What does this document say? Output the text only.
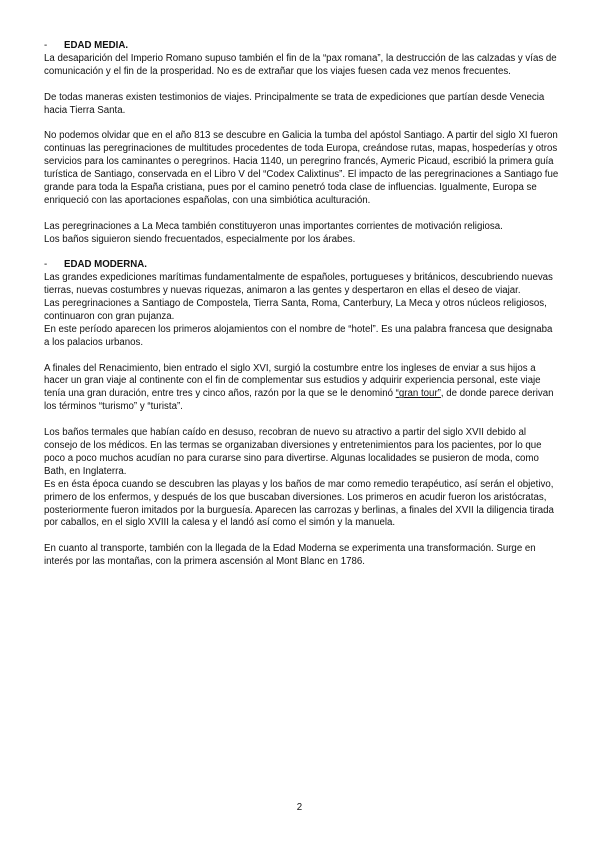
- EDAD MEDIA.

La desaparición del Imperio Romano supuso también el fin de la “pax romana”, la destrucción de las calzadas y vías de comunicación y el fin de la prosperidad. No es de extrañar que los viajes fuesen cada vez menos frecuentes.

De todas maneras existen testimonios de viajes. Principalmente se trata de expediciones que partían desde Venecia hacia Tierra Santa.

No podemos olvidar que en el año 813 se descubre en Galicia la tumba del apóstol Santiago. A partir del siglo XI fueron continuas las peregrinaciones de multitudes procedentes de toda Europa, creándose rutas, mapas, hospederías y otros servicios para los caminantes o peregrinos. Hacia 1140, un peregrino francés, Aymeric Picaud, escribió la primera guía turística de Santiago, conservada en el Libro V del “Codex Calixtinus”. El impacto de las peregrinaciones a Santiago fue grande para toda la España cristiana, pues por el camino penetró toda clase de influencias. Igualmente, Europa se enriqueció con las aportaciones españolas, con una simbiótica aculturación.

Las peregrinaciones a La Meca también constituyeron unas importantes corrientes de motivación religiosa.

Los baños siguieron siendo frecuentados, especialmente por los árabes.

- EDAD MODERNA.

Las grandes expediciones marítimas fundamentalmente de españoles, portugueses y británicos, descubriendo nuevas tierras, nuevas costumbres y nuevas riquezas, animaron a las gentes y despertaron en ellas el deseo de viajar.

Las peregrinaciones a Santiago de Compostela, Tierra Santa, Roma, Canterbury, La Meca y otros núcleos religiosos, continuaron con gran pujanza.

En este período aparecen los primeros alojamientos con el nombre de “hotel”. Es una palabra francesa que designaba a los palacios urbanos.

A finales del Renacimiento, bien entrado el siglo XVI, surgió la costumbre entre los ingleses de enviar a sus hijos a hacer un gran viaje al continente con el fin de complementar sus estudios y adquirir experiencia personal, este viaje tenía una gran duración, entre tres y cinco años, razón por la que se le denominó “gran tour”, de donde parece derivan los términos “turismo” y “turista”.

Los baños termales que habían caído en desuso, recobran de nuevo su atractivo a partir del siglo XVII debido al consejo de los médicos. En las termas se organizaban diversiones y entretenimientos para los pacientes, por lo que poco a poco muchos acudían no para curarse sino para divertirse. Algunas localidades se pusieron de moda, como Bath, en Inglaterra.

Es en ésta época cuando se descubren las playas y los baños de mar como remedio terapéutico, así serán el objetivo, primero de los enfermos, y después de los que buscaban diversiones. Los primeros en acudir fueron los aristócratas, posteriormente fueron imitados por la burguesía. Aparecen las carrozas y berlinas, a finales del XVII la diligencia tirada por caballos, en el siglo XVIII la calesa y el landó así como el simón y la manuela.

En cuanto al transporte, también con la llegada de la Edad Moderna se experimenta una transformación. Surge en interés por las montañas, con la primera ascensión al Mont Blanc en 1786.

2
